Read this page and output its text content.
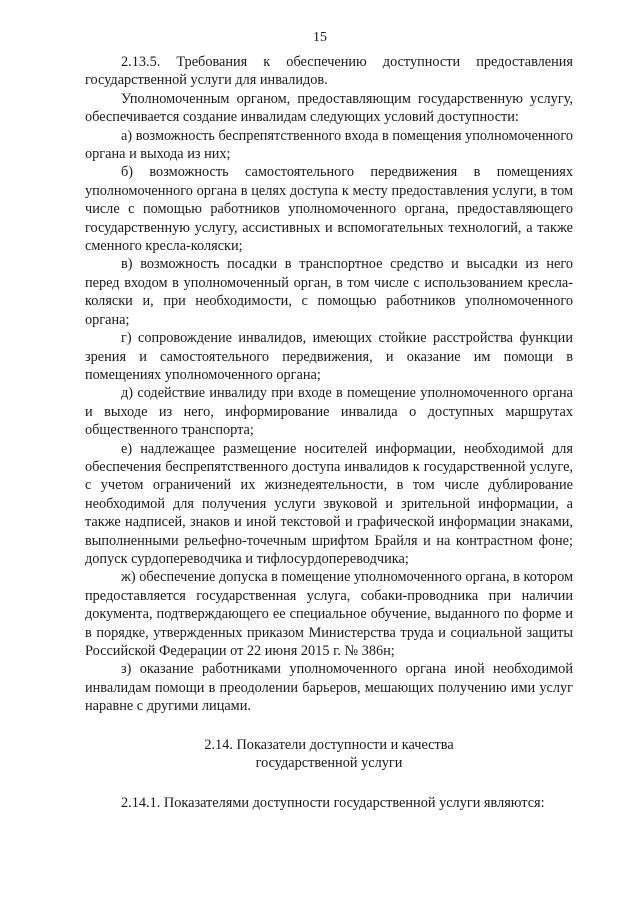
15

2.13.5. Требования к обеспечению доступности предоставления государственной услуги для инвалидов.

Уполномоченным органом, предоставляющим государственную услугу, обеспечивается создание инвалидам следующих условий доступности:

а) возможность беспрепятственного входа в помещения уполномоченного органа и выхода из них;

б) возможность самостоятельного передвижения в помещениях уполномоченного органа в целях доступа к месту предоставления услуги, в том числе с помощью работников уполномоченного органа, предоставляющего государственную услугу, ассистивных и вспомогательных технологий, а также сменного кресла-коляски;

в) возможность посадки в транспортное средство и высадки из него перед входом в уполномоченный орган, в том числе с использованием кресла-коляски и, при необходимости, с помощью работников уполномоченного органа;

г) сопровождение инвалидов, имеющих стойкие расстройства функции зрения и самостоятельного передвижения, и оказание им помощи в помещениях уполномоченного органа;

д) содействие инвалиду при входе в помещение уполномоченного органа и выходе из него, информирование инвалида о доступных маршрутах общественного транспорта;

е) надлежащее размещение носителей информации, необходимой для обеспечения беспрепятственного доступа инвалидов к государственной услуге, с учетом ограничений их жизнедеятельности, в том числе дублирование необходимой для получения услуги звуковой и зрительной информации, а также надписей, знаков и иной текстовой и графической информации знаками, выполненными рельефно-точечным шрифтом Брайля и на контрастном фоне; допуск сурдопереводчика и тифлосурдопереводчика;

ж) обеспечение допуска в помещение уполномоченного органа, в котором предоставляется государственная услуга, собаки-проводника при наличии документа, подтверждающего ее специальное обучение, выданного по форме и в порядке, утвержденных приказом Министерства труда и социальной защиты Российской Федерации от 22 июня 2015 г. № 386н;

з) оказание работниками уполномоченного органа иной необходимой инвалидам помощи в преодолении барьеров, мешающих получению ими услуг наравне с другими лицами.

2.14. Показатели доступности и качества
государственной услуги

2.14.1. Показателями доступности государственной услуги являются:
